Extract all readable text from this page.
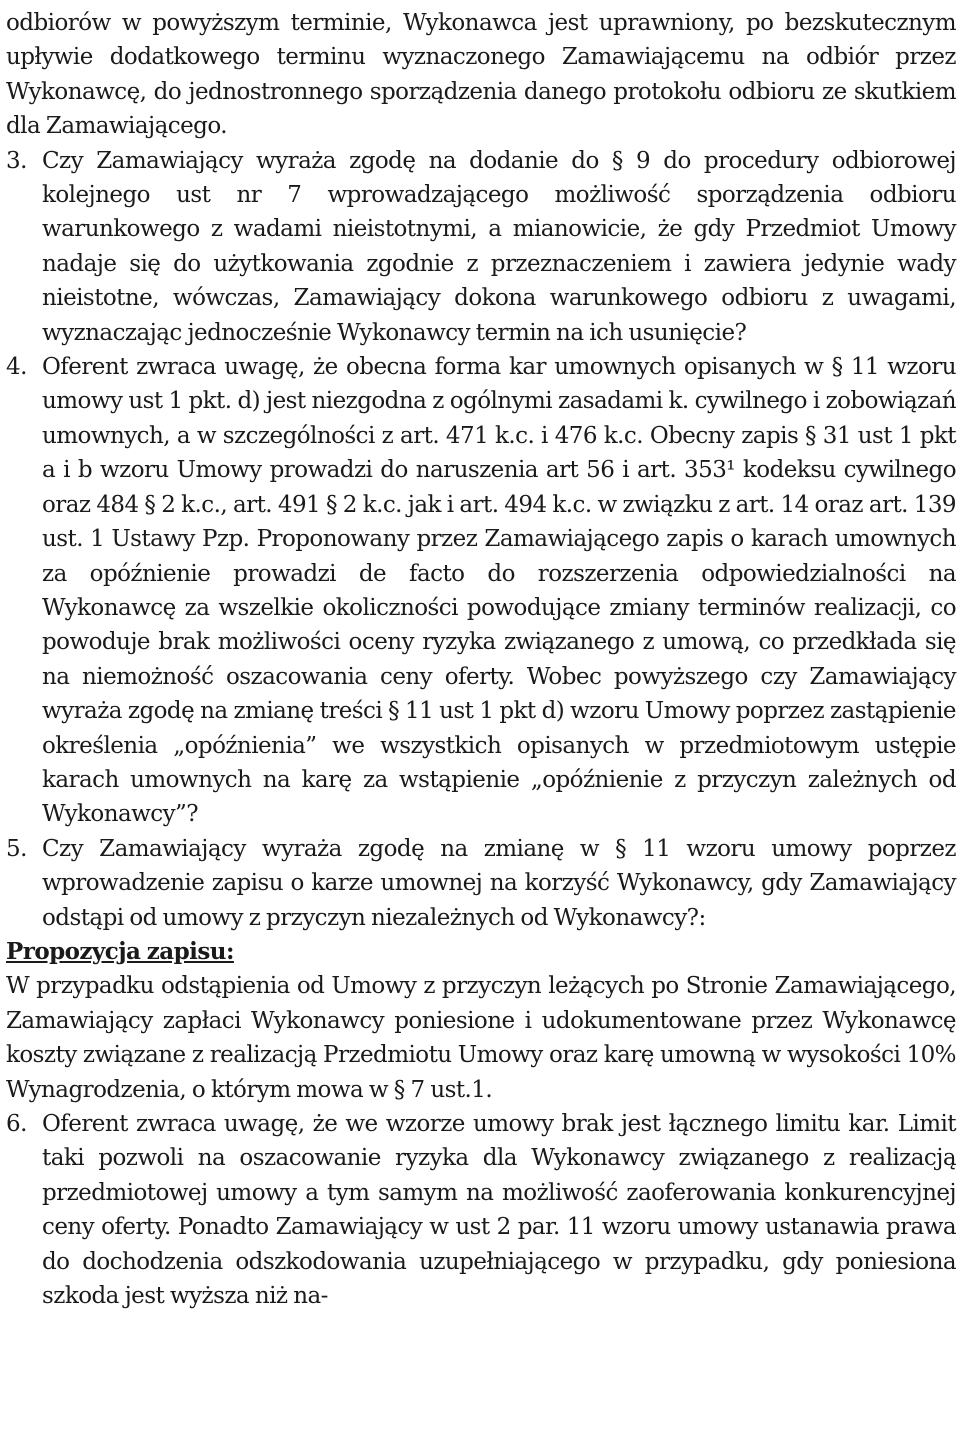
odbiorów w powyższym terminie, Wykonawca jest uprawniony, po bezskutecznym upływie dodatkowego terminu wyznaczonego Zamawiającemu na odbiór przez Wykonawcę, do jednostronnego sporządzenia danego protokołu odbioru ze skutkiem dla Zamawiającego.

3. Czy Zamawiający wyraża zgodę na dodanie do § 9 do procedury odbiorowej kolejnego ust nr 7 wprowadzającego możliwość sporządzenia odbioru warunkowego z wadami nieistotnymi, a mianowicie, że gdy Przedmiot Umowy nadaje się do użytkowania zgodnie z przeznaczeniem i zawiera jedynie wady nieistotne, wówczas, Zamawiający dokona warunkowego odbioru z uwagami, wyznaczając jednocześnie Wykonawcy termin na ich usunięcie?
4. Oferent zwraca uwagę, że obecna forma kar umownych opisanych w § 11 wzoru umowy ust 1 pkt. d) jest niezgodna z ogólnymi zasadami k. cywilnego i zobowiązań umownych, a w szczególności z art. 471 k.c. i 476 k.c. Obecny zapis § 31 ust 1 pkt a i b wzoru Umowy prowadzi do naruszenia art 56 i art. 353¹ kodeksu cywilnego oraz 484 § 2 k.c., art. 491 § 2 k.c. jak i art. 494 k.c. w związku z art. 14 oraz art. 139 ust. 1 Ustawy Pzp. Proponowany przez Zamawiającego zapis o karach umownych za opóźnienie prowadzi de facto do rozszerzenia odpowiedzialności na Wykonawcę za wszelkie okoliczności powodujące zmiany terminów realizacji, co powoduje brak możliwości oceny ryzyka związanego z umową, co przedkłada się na niemożność oszacowania ceny oferty. Wobec powyższego czy Zamawiający wyraża zgodę na zmianę treści § 11 ust 1 pkt d) wzoru Umowy poprzez zastąpienie określenia „opóźnienia” we wszystkich opisanych w przedmiotowym ustępie karach umownych na karę za wstąpienie „opóźnienie z przyczyn zależnych od Wykonawcy”?
5. Czy Zamawiający wyraża zgodę na zmianę w § 11 wzoru umowy poprzez wprowadzenie zapisu o karze umownej na korzyść Wykonawcy, gdy Zamawiający odstąpi od umowy z przyczyn niezależnych od Wykonawcy?:

Propozycja zapisu:

W przypadku odstąpienia od Umowy z przyczyn leżących po Stronie Zamawiającego, Zamawiający zapłaci Wykonawcy poniesione i udokumentowane przez Wykonawcę koszty związane z realizacją Przedmiotu Umowy oraz karę umowną w wysokości 10% Wynagrodzenia, o którym mowa w § 7 ust.1.

6. Oferent zwraca uwagę, że we wzorze umowy brak jest łącznego limitu kar. Limit taki pozwoli na oszacowanie ryzyka dla Wykonawcy związanego z realizacją przedmiotowej umowy a tym samym na możliwość zaoferowania konkurencyjnej ceny oferty. Ponadto Zamawiający w ust 2 par. 11 wzoru umowy ustanawia prawa do dochodzenia odszkodowania uzupełniającego w przypadku, gdy poniesiona szkoda jest wyższa niż na-
